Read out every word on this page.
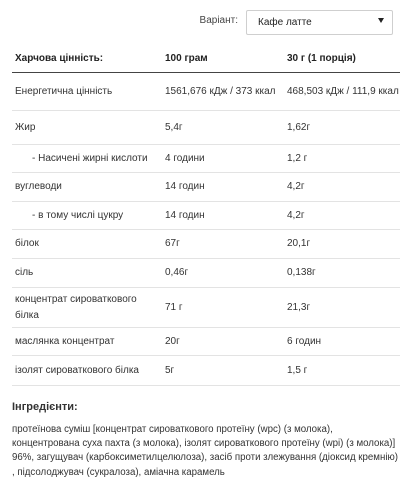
Варіант: Кафе латте
Харчова цінність:	100 грам	30 г (1 порція)
Енергетична цінність	1561,676 кДж / 373 ккал	468,503 кДж / 111,9 ккал
Жир	5,4г	1,62г
- Насичені жирні кислоти	4 години	1,2 г
вуглеводи	14 годин	4,2г
- в тому числі цукру	14 годин	4,2г
білок	67г	20,1г
сіль	0,46г	0,138г
концентрат сироваткового білка	71 г	21,3г
маслянка концентрат	20г	6 годин
ізолят сироваткового білка	5г	1,5 г
Інгредієнти:
протеїнова суміш [концентрат сироваткового протеїну (wpc) (з молока), концентрована суха пахта (з молока), ізолят сироваткового протеїну (wpi) (з молока)] 96%, загущувач (карбоксиметилцелюлоза), засіб проти злежування (діоксид кремнію) , підсолоджувач (сукралоза), аміачна карамель
